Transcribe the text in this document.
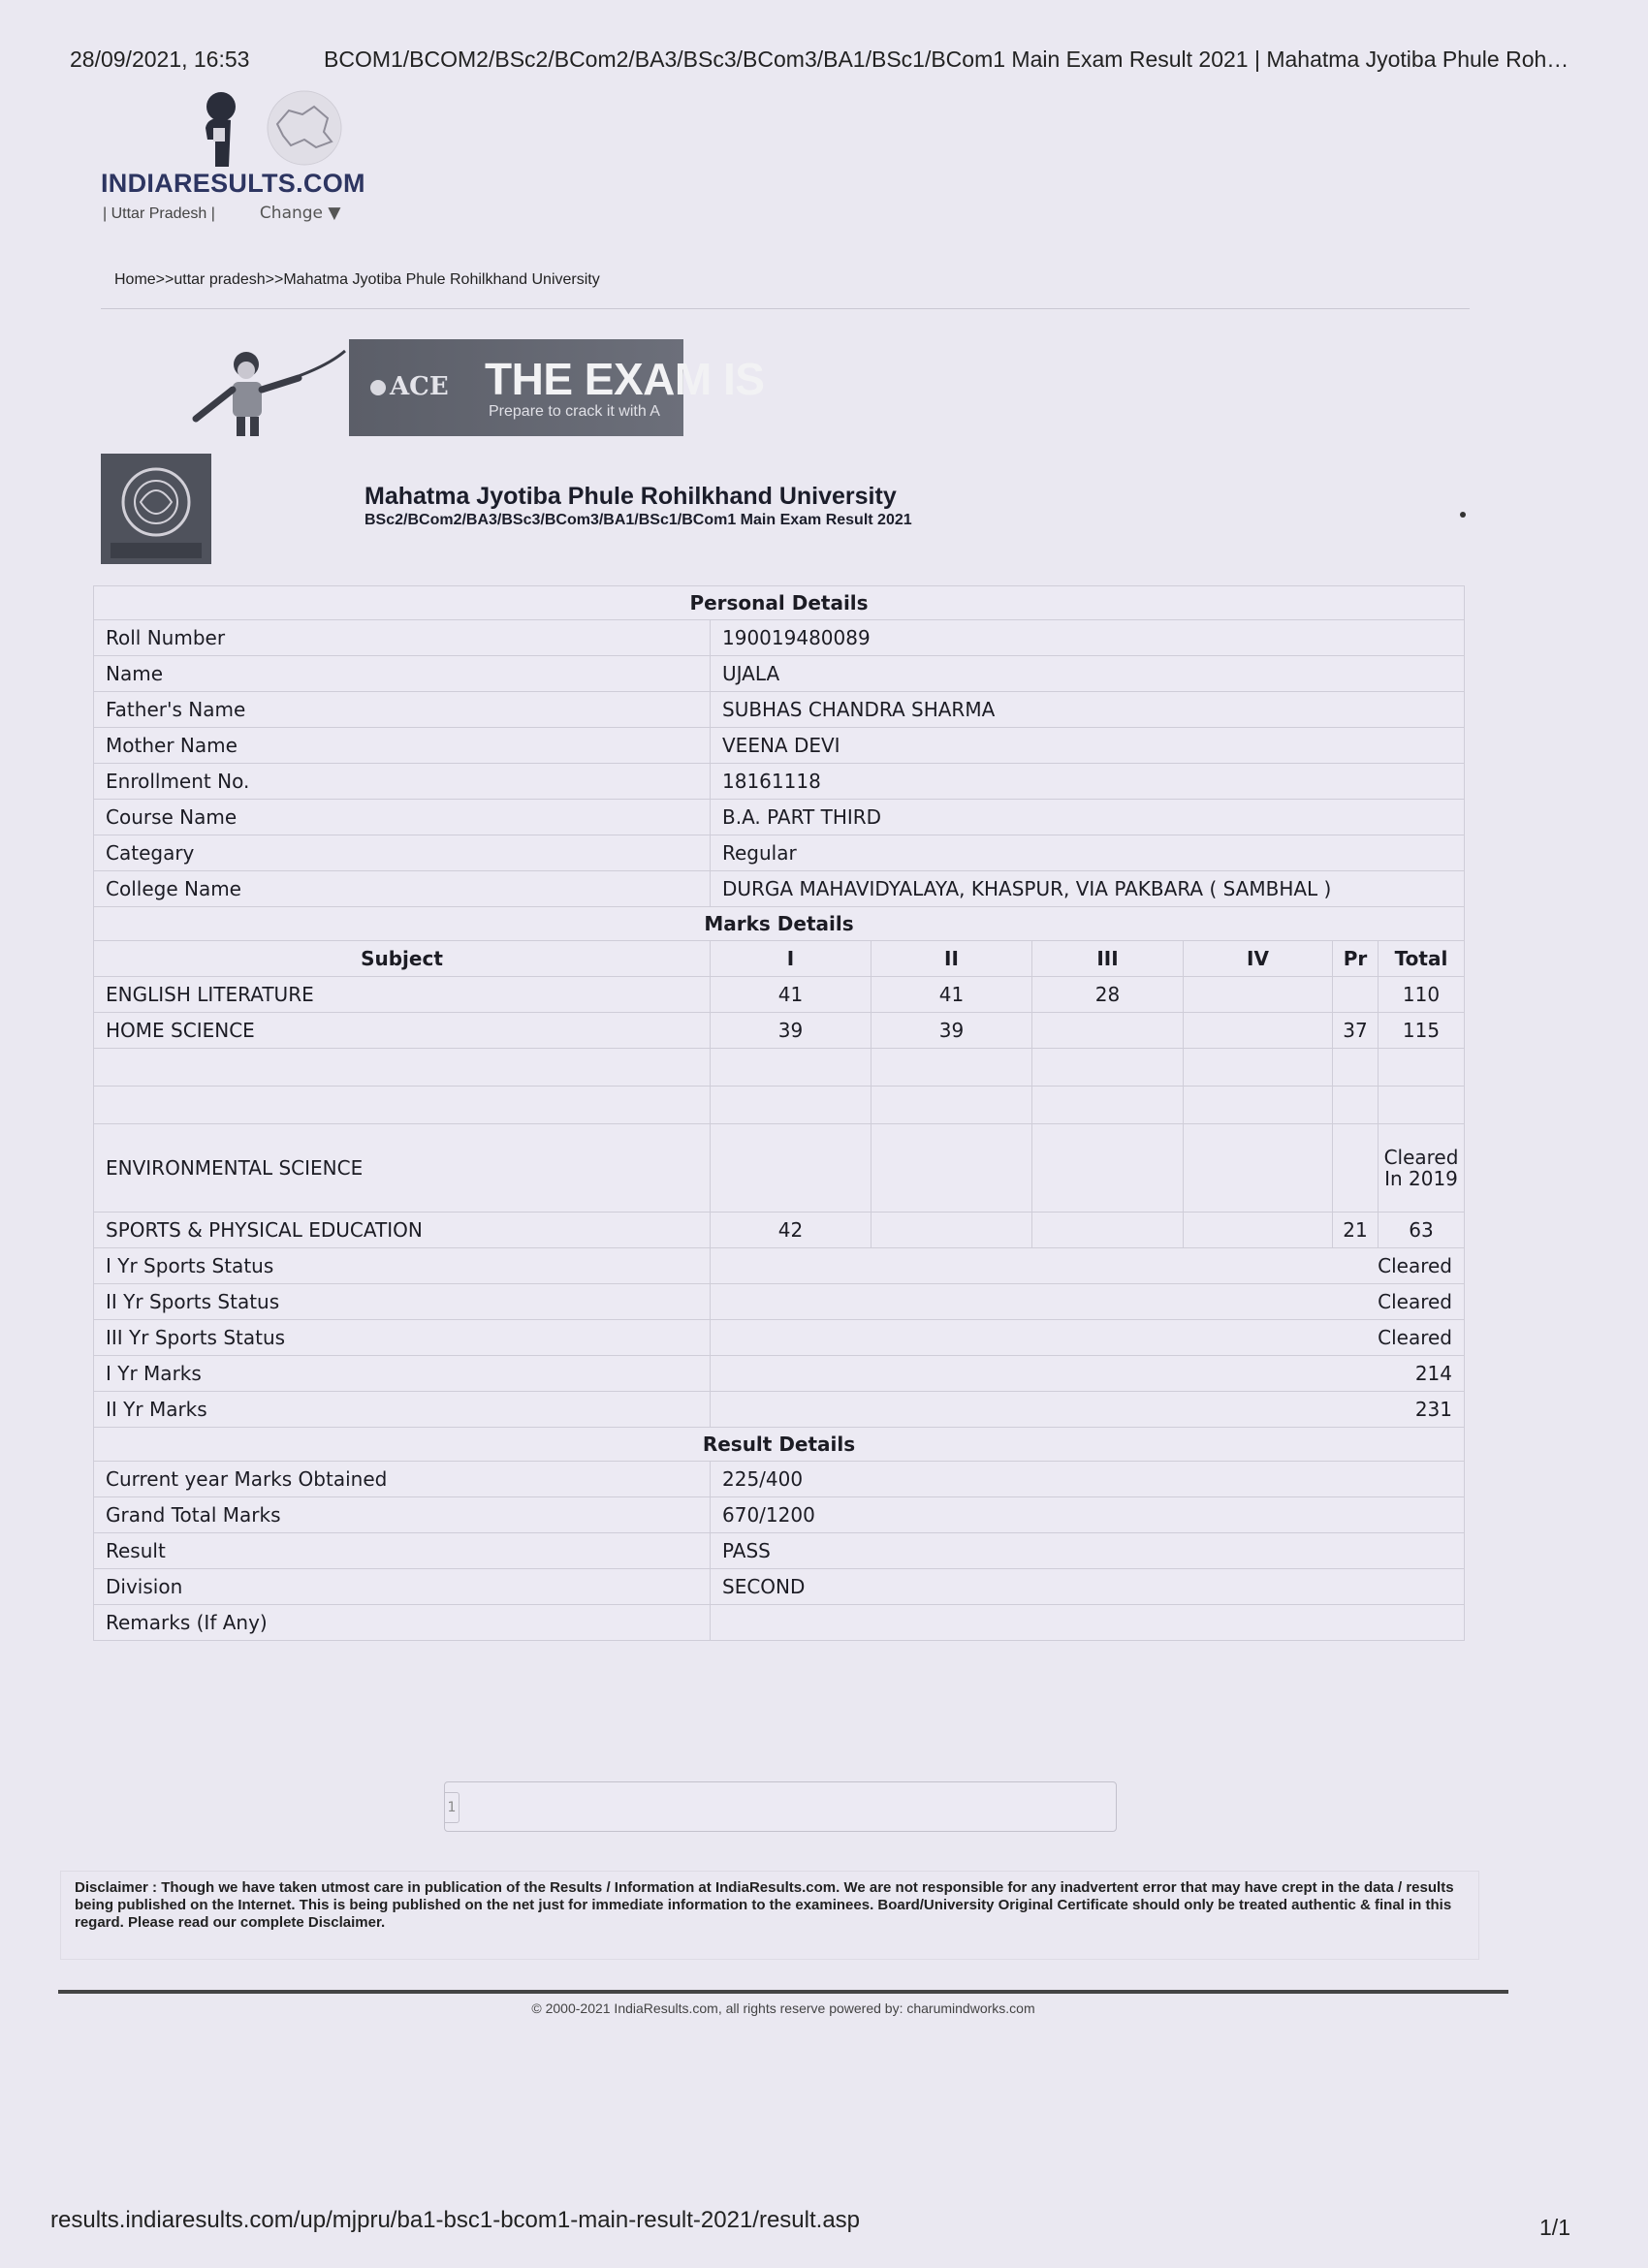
28/09/2021, 16:53	BCOM1/BCOM2/BSc2/BCom2/BA3/BSc3/BCom3/BA1/BSc1/BCom1 Main Exam Result 2021 | Mahatma Jyotiba Phule Roh…
INDIARESULTS.COM
| Uttar Pradesh |	Change ▼
Home>>uttar pradesh>>Mahatma Jyotiba Phule Rohilkhand University
ACE THE EXAM IS
Prepare to crack it with A
Mahatma Jyotiba Phule Rohilkhand University
BSc2/BCom2/BA3/BSc3/BCom3/BA1/BSc1/BCom1 Main Exam Result 2021
Personal Details						
Roll Number	190019480089					
Name	UJALA					
Father's Name	SUBHAS CHANDRA SHARMA					
Mother Name	VEENA DEVI					
Enrollment No.	18161118					
Course Name	B.A. PART THIRD					
Categary	Regular					
College Name	DURGA MAHAVIDYALAYA, KHASPUR, VIA PAKBARA ( SAMBHAL )					
Marks Details						
Subject	I	II	III	IV	Pr	Total
ENGLISH LITERATURE	41	41	28			110
HOME SCIENCE	39	39			37	115

ENVIRONMENTAL SCIENCE						Cleared In 2019
SPORTS & PHYSICAL EDUCATION	42				21	63
I Yr Sports Status	Cleared					
II Yr Sports Status	Cleared					
III Yr Sports Status	Cleared					
I Yr Marks	214					
II Yr Marks	231					
Result Details						
Current year Marks Obtained	225/400					
Grand Total Marks	670/1200					
Result	PASS					
Division	SECOND					
Remarks (If Any)						
1
Disclaimer : Though we have taken utmost care in publication of the Results / Information at IndiaResults.com. We are not responsible for any inadvertent error that may have crept in the data / results being published on the Internet. This is being published on the net just for immediate information to the examinees. Board/University Original Certificate should only be treated authentic & final in this regard. Please read our complete Disclaimer.
© 2000-2021 IndiaResults.com, all rights reserve powered by: charumindworks.com
results.indiaresults.com/up/mjpru/ba1-bsc1-bcom1-main-result-2021/result.asp	1/1
